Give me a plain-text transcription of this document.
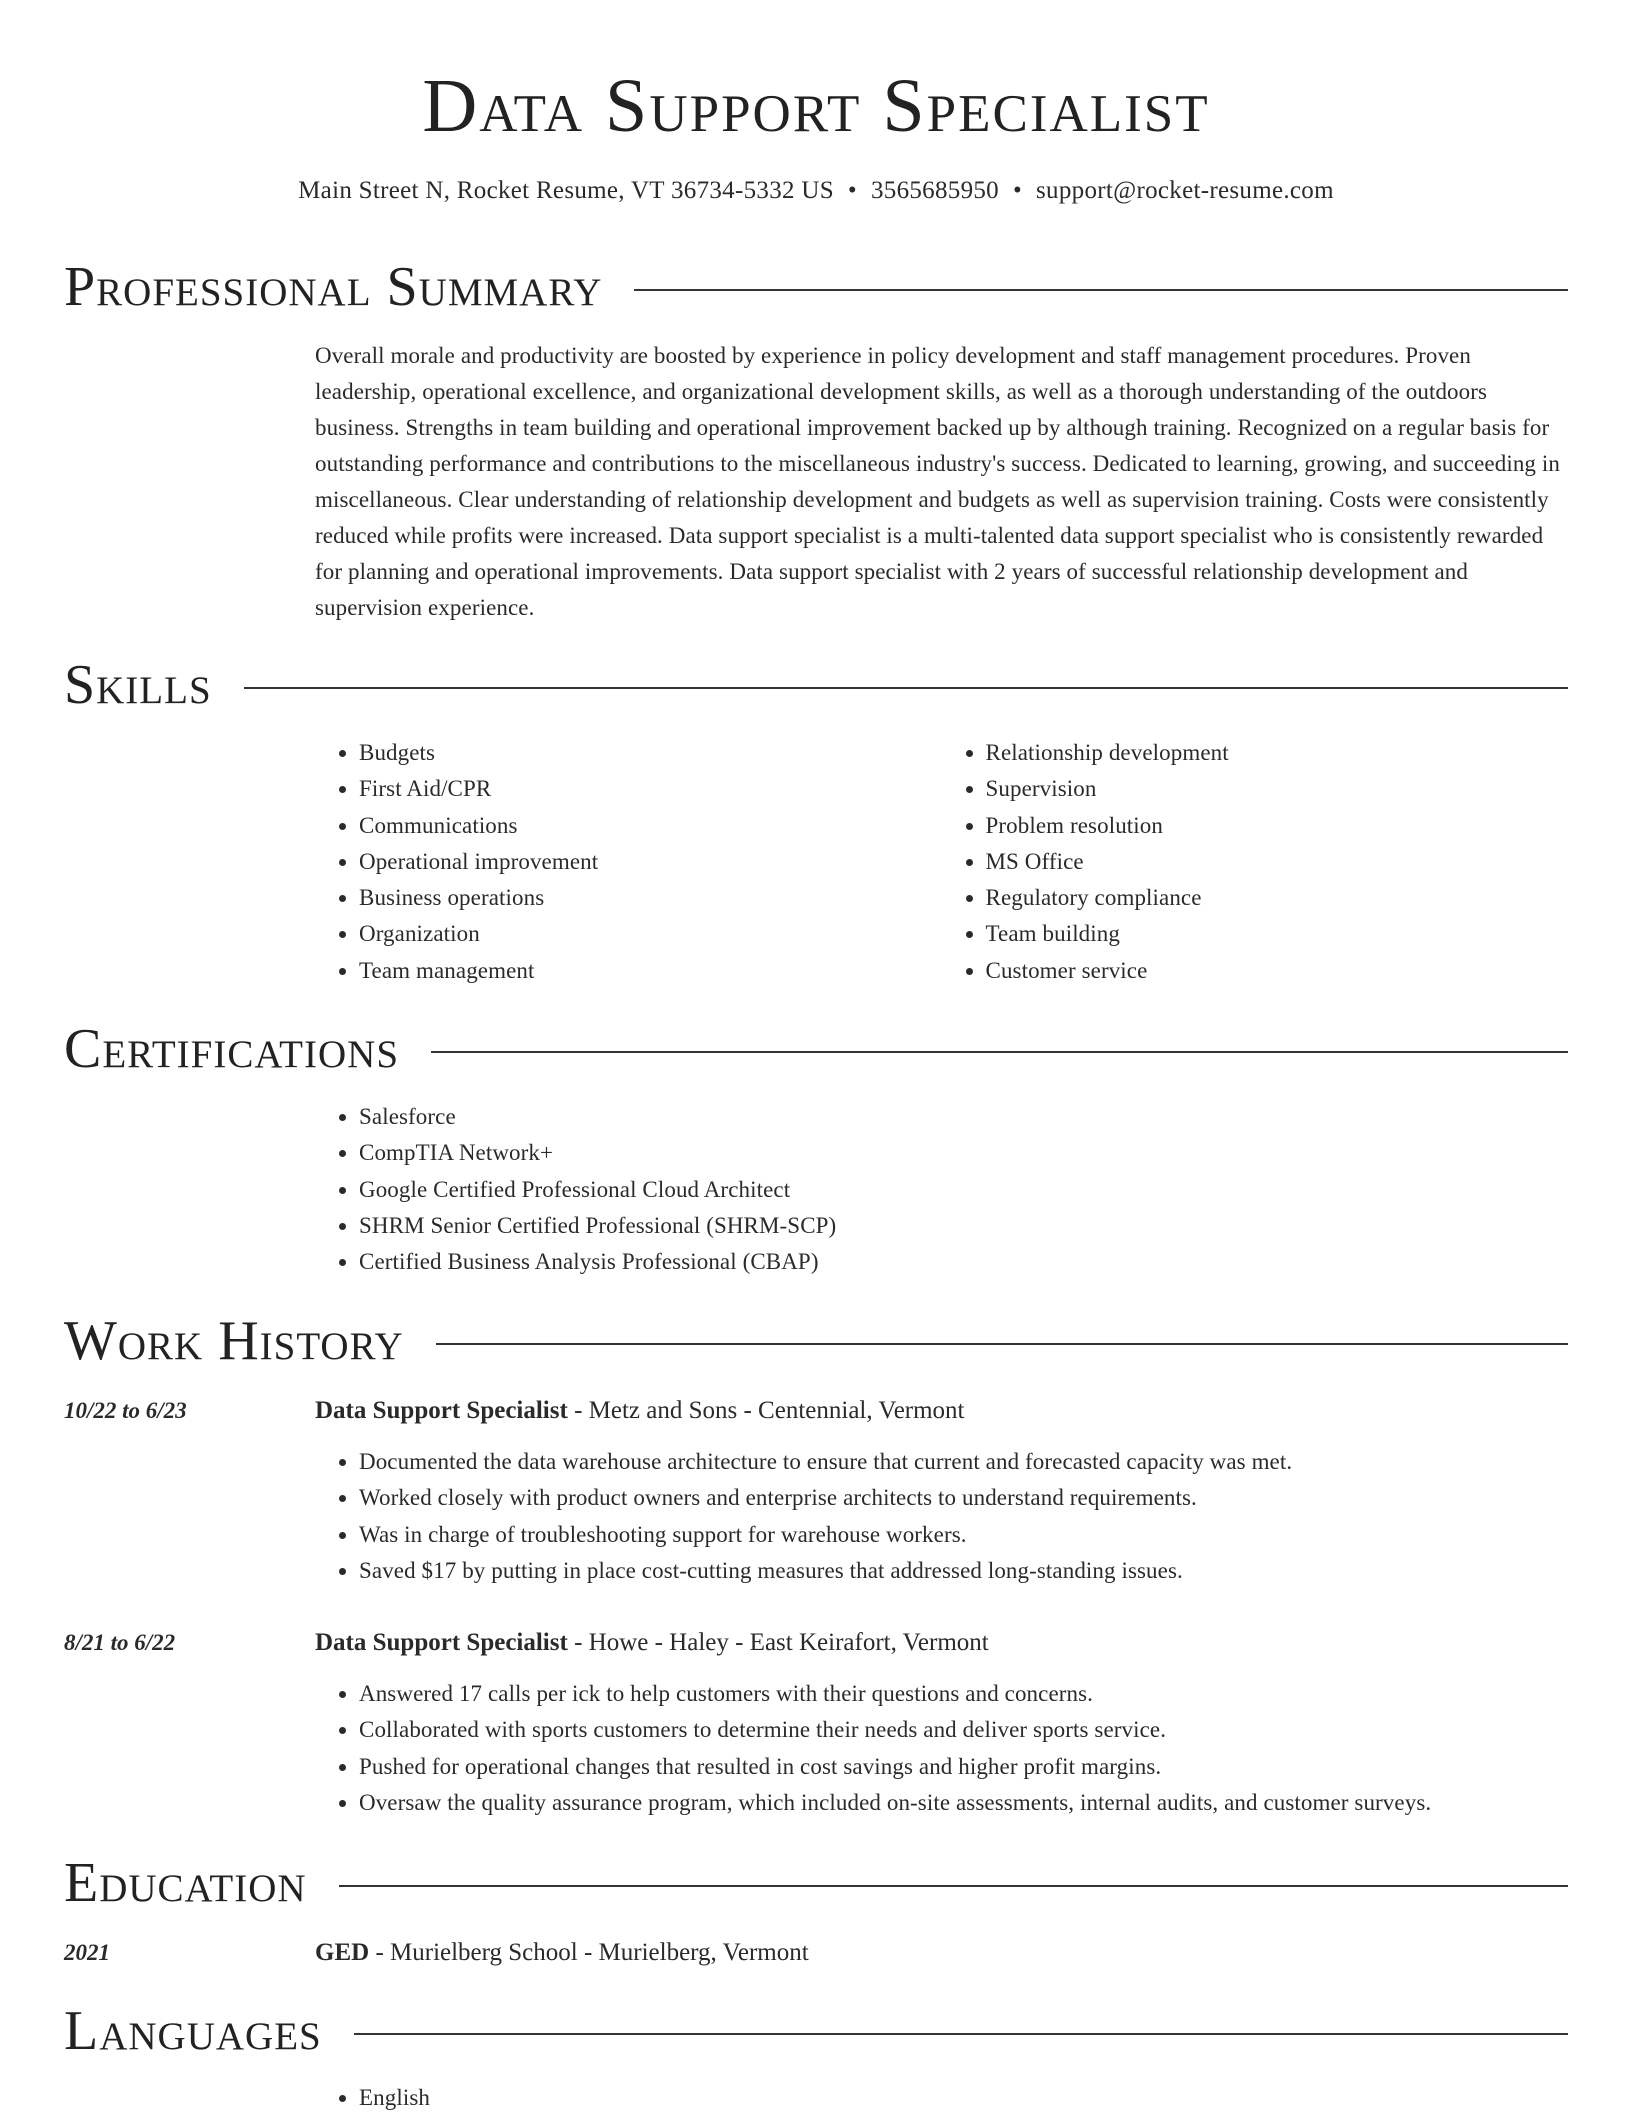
Data Support Specialist
Main Street N, Rocket Resume, VT 36734-5332 US • 3565685950 • support@rocket-resume.com
Professional Summary
Overall morale and productivity are boosted by experience in policy development and staff management procedures. Proven leadership, operational excellence, and organizational development skills, as well as a thorough understanding of the outdoors business. Strengths in team building and operational improvement backed up by although training. Recognized on a regular basis for outstanding performance and contributions to the miscellaneous industry's success. Dedicated to learning, growing, and succeeding in miscellaneous. Clear understanding of relationship development and budgets as well as supervision training. Costs were consistently reduced while profits were increased. Data support specialist is a multi-talented data support specialist who is consistently rewarded for planning and operational improvements. Data support specialist with 2 years of successful relationship development and supervision experience.
Skills
• Budgets
• First Aid/CPR
• Communications
• Operational improvement
• Business operations
• Organization
• Team management
• Relationship development
• Supervision
• Problem resolution
• MS Office
• Regulatory compliance
• Team building
• Customer service
Certifications
• Salesforce
• CompTIA Network+
• Google Certified Professional Cloud Architect
• SHRM Senior Certified Professional (SHRM-SCP)
• Certified Business Analysis Professional (CBAP)
Work History
10/22 to 6/23	Data Support Specialist - Metz and Sons - Centennial, Vermont
• Documented the data warehouse architecture to ensure that current and forecasted capacity was met.
• Worked closely with product owners and enterprise architects to understand requirements.
• Was in charge of troubleshooting support for warehouse workers.
• Saved $17 by putting in place cost-cutting measures that addressed long-standing issues.
8/21 to 6/22	Data Support Specialist - Howe - Haley - East Keirafort, Vermont
• Answered 17 calls per ick to help customers with their questions and concerns.
• Collaborated with sports customers to determine their needs and deliver sports service.
• Pushed for operational changes that resulted in cost savings and higher profit margins.
• Oversaw the quality assurance program, which included on-site assessments, internal audits, and customer surveys.
Education
2021	GED - Murielberg School - Murielberg, Vermont
Languages
• English
